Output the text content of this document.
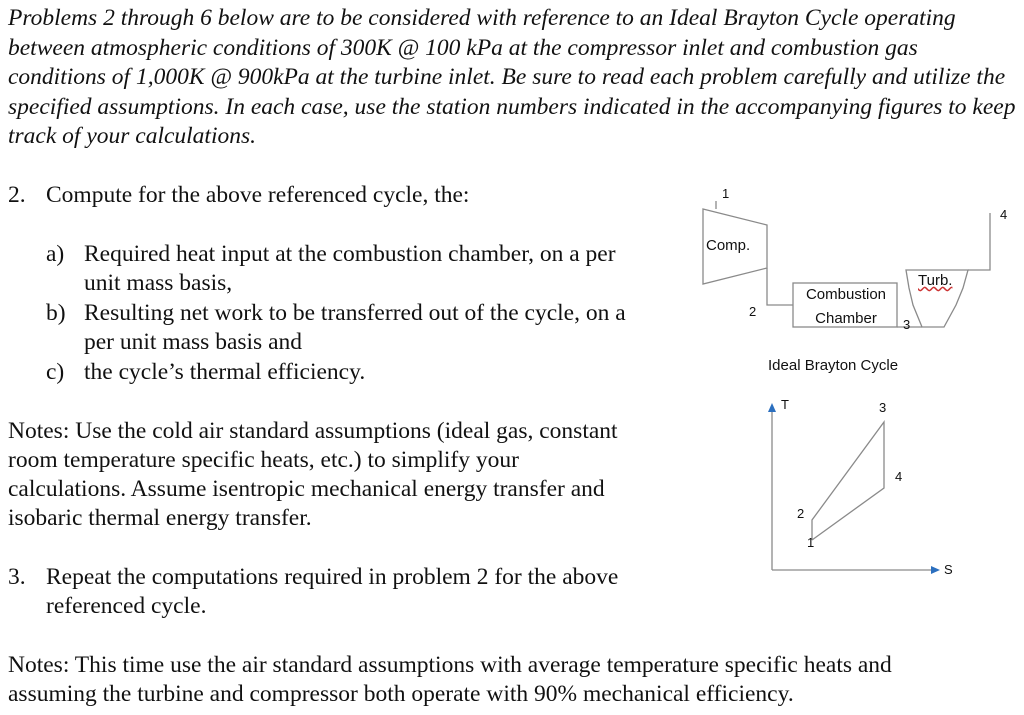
Problems 2 through 6 below are to be considered with reference to an Ideal Brayton Cycle operating between atmospheric conditions of 300K @ 100 kPa at the compressor inlet and combustion gas conditions of 1,000K @ 900kPa at the turbine inlet. Be sure to read each problem carefully and utilize the specified assumptions. In each case, use the station numbers indicated in the accompanying figures to keep track of your calculations.

2. Compute for the above referenced cycle, the:
a) Required heat input at the combustion chamber, on a per
unit mass basis,
b) Resulting net work to be transferred out of the cycle, on a
per unit mass basis and
c) the cycle’s thermal efficiency.
Notes: Use the cold air standard assumptions (ideal gas, constant
room temperature specific heats, etc.) to simplify your
calculations. Assume isentropic mechanical energy transfer and
isobaric thermal energy transfer.
3. Repeat the computations required in problem 2 for the above
referenced cycle.
Notes: This time use the air standard assumptions with average temperature specific heats and
assuming the turbine and compressor both operate with 90% mechanical efficiency.
Comp.
1
2
Combustion
Chamber	3
Turb.
4
Ideal Brayton Cycle
T
S
1
2
3
4
